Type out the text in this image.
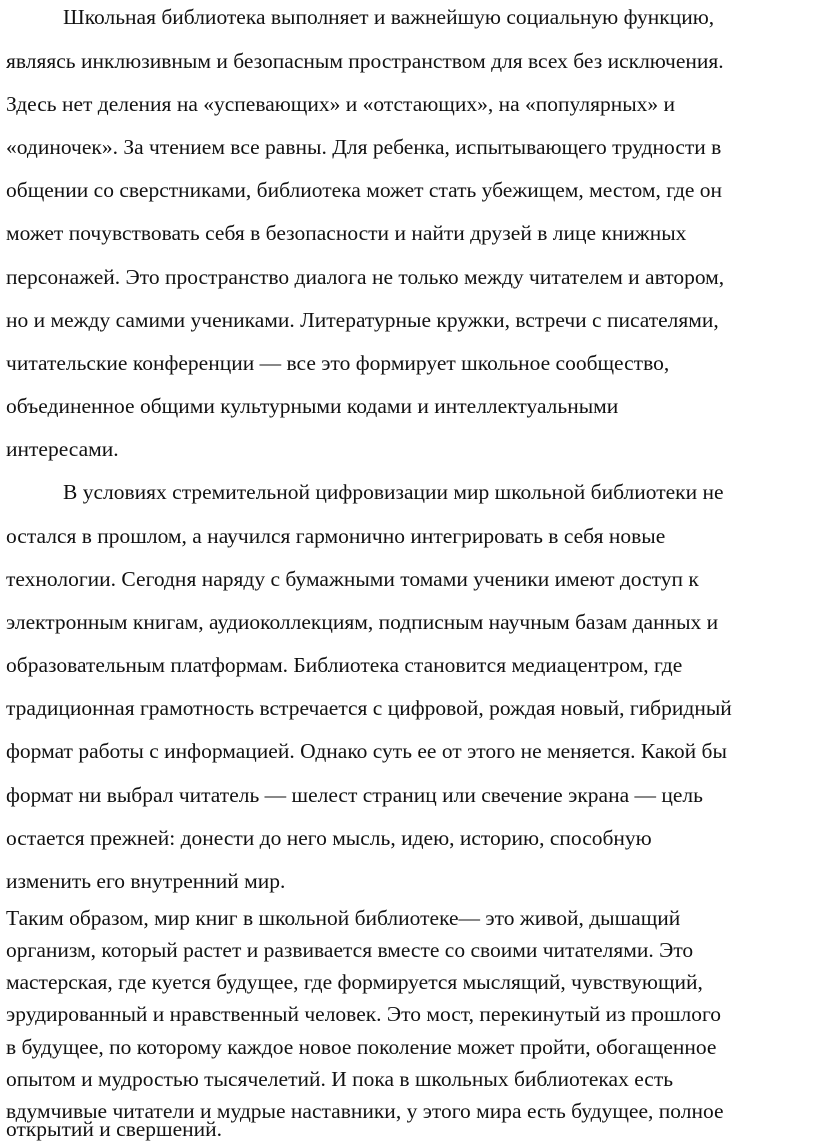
Школьная библиотека выполняет и важнейшую социальную функцию,
являясь инклюзивным и безопасным пространством для всех без исключения.
Здесь нет деления на «успевающих» и «отстающих», на «популярных» и
«одиночек». За чтением все равны. Для ребенка, испытывающего трудности в
общении со сверстниками, библиотека может стать убежищем, местом, где он
может почувствовать себя в безопасности и найти друзей в лице книжных
персонажей. Это пространство диалога не только между читателем и автором,
но и между самими учениками. Литературные кружки, встречи с писателями,
читательские конференции — все это формирует школьное сообщество,
объединенное общими культурными кодами и интеллектуальными
интересами.
В условиях стремительной цифровизации мир школьной библиотеки не
остался в прошлом, а научился гармонично интегрировать в себя новые
технологии. Сегодня наряду с бумажными томами ученики имеют доступ к
электронным книгам, аудиоколлекциям, подписным научным базам данных и
образовательным платформам. Библиотека становится медиацентром, где
традиционная грамотность встречается с цифровой, рождая новый, гибридный
формат работы с информацией. Однако суть ее от этого не меняется. Какой бы
формат ни выбрал читатель — шелест страниц или свечение экрана — цель
остается прежней: донести до него мысль, идею, историю, способную
изменить его внутренний мир.
Таким образом, мир книг в школьной библиотеке— это живой, дышащий
организм, который растет и развивается вместе со своими читателями. Это
мастерская, где куется будущее, где формируется мыслящий, чувствующий,
эрудированный и нравственный человек. Это мост, перекинутый из прошлого
в будущее, по которому каждое новое поколение может пройти, обогащенное
опытом и мудростью тысячелетий. И пока в школьных библиотеках есть
вдумчивые читатели и мудрые наставники, у этого мира есть будущее, полное
открытий и свершений.
